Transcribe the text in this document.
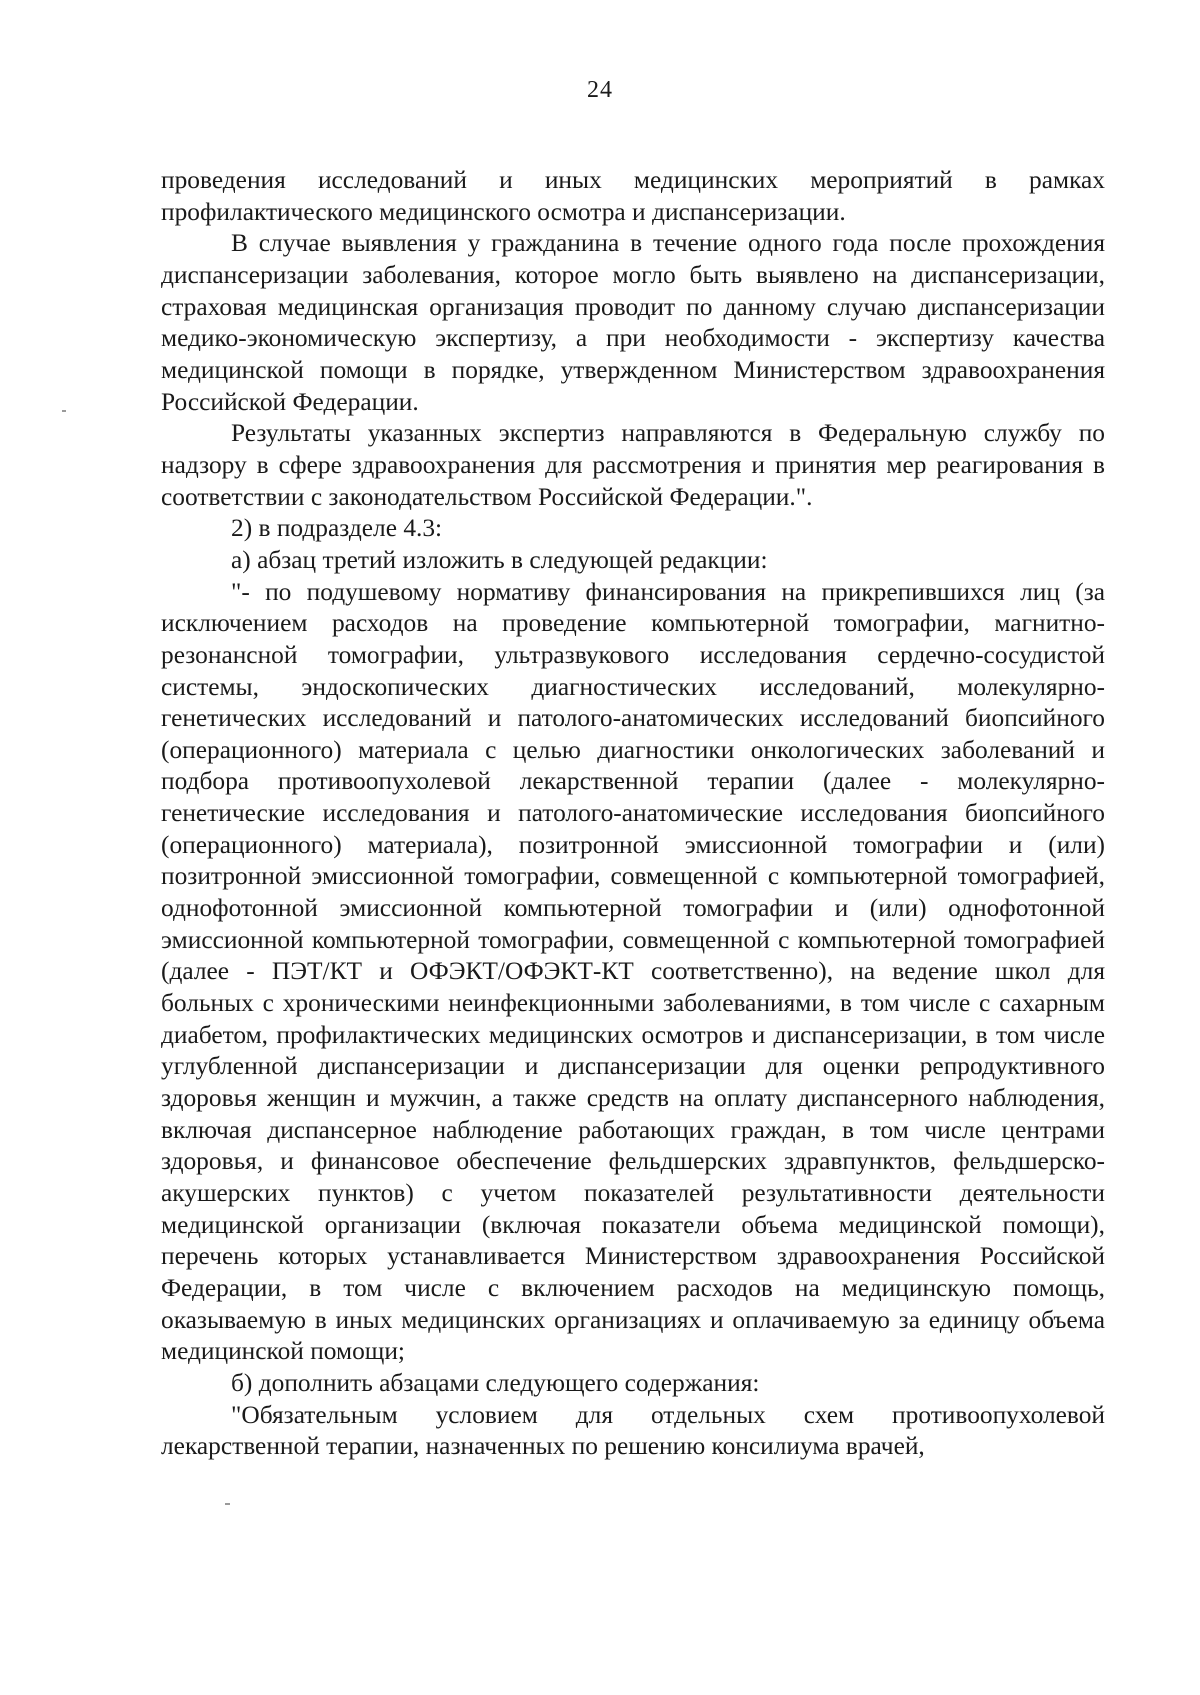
24

проведения исследований и иных медицинских мероприятий в рамках профилактического медицинского осмотра и диспансеризации.

В случае выявления у гражданина в течение одного года после прохождения диспансеризации заболевания, которое могло быть выявлено на диспансеризации, страховая медицинская организация проводит по данному случаю диспансеризации медико-экономическую экспертизу, а при необходимости - экспертизу качества медицинской помощи в порядке, утвержденном Министерством здравоохранения Российской Федерации.

Результаты указанных экспертиз направляются в Федеральную службу по надзору в сфере здравоохранения для рассмотрения и принятия мер реагирования в соответствии с законодательством Российской Федерации.".

2) в подразделе 4.3:

а) абзац третий изложить в следующей редакции:

"- по подушевому нормативу финансирования на прикрепившихся лиц (за исключением расходов на проведение компьютерной томографии, магнитно-резонансной томографии, ультразвукового исследования сердечно-сосудистой системы, эндоскопических диагностических исследований, молекулярно-генетических исследований и патолого-анатомических исследований биопсийного (операционного) материала с целью диагностики онкологических заболеваний и подбора противоопухолевой лекарственной терапии (далее - молекулярно-генетические исследования и патолого-анатомические исследования биопсийного (операционного) материала), позитронной эмиссионной томографии и (или) позитронной эмиссионной томографии, совмещенной с компьютерной томографией, однофотонной эмиссионной компьютерной томографии и (или) однофотонной эмиссионной компьютерной томографии, совмещенной с компьютерной томографией (далее - ПЭТ/КТ и ОФЭКТ/ОФЭКТ-КТ соответственно), на ведение школ для больных с хроническими неинфекционными заболеваниями, в том числе с сахарным диабетом, профилактических медицинских осмотров и диспансеризации, в том числе углубленной диспансеризации и диспансеризации для оценки репродуктивного здоровья женщин и мужчин, а также средств на оплату диспансерного наблюдения, включая диспансерное наблюдение работающих граждан, в том числе центрами здоровья, и финансовое обеспечение фельдшерских здравпунктов, фельдшерско-акушерских пунктов) с учетом показателей результативности деятельности медицинской организации (включая показатели объема медицинской помощи), перечень которых устанавливается Министерством здравоохранения Российской Федерации, в том числе с включением расходов на медицинскую помощь, оказываемую в иных медицинских организациях и оплачиваемую за единицу объема медицинской помощи;

б) дополнить абзацами следующего содержания:

"Обязательным условием для отдельных схем противоопухолевой лекарственной терапии, назначенных по решению консилиума врачей,
